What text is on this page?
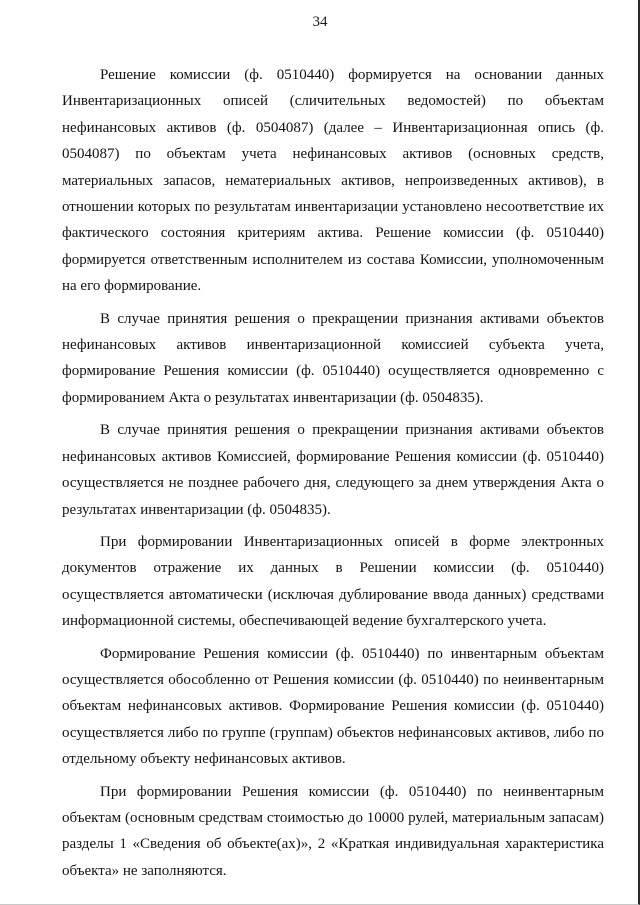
34

Решение комиссии (ф. 0510440) формируется на основании данных Инвентаризационных описей (сличительных ведомостей) по объектам нефинансовых активов (ф. 0504087) (далее – Инвентаризационная опись (ф. 0504087) по объектам учета нефинансовых активов (основных средств, материальных запасов, нематериальных активов, непроизведенных активов), в отношении которых по результатам инвентаризации установлено несоответствие их фактического состояния критериям актива. Решение комиссии (ф. 0510440) формируется ответственным исполнителем из состава Комиссии, уполномоченным на его формирование.

В случае принятия решения о прекращении признания активами объектов нефинансовых активов инвентаризационной комиссией субъекта учета, формирование Решения комиссии (ф. 0510440) осуществляется одновременно с формированием Акта о результатах инвентаризации (ф. 0504835).

В случае принятия решения о прекращении признания активами объектов нефинансовых активов Комиссией, формирование Решения комиссии (ф. 0510440) осуществляется не позднее рабочего дня, следующего за днем утверждения Акта о результатах инвентаризации (ф. 0504835).

При формировании Инвентаризационных описей в форме электронных документов отражение их данных в Решении комиссии (ф. 0510440) осуществляется автоматически (исключая дублирование ввода данных) средствами информационной системы, обеспечивающей ведение бухгалтерского учета.

Формирование Решения комиссии (ф. 0510440) по инвентарным объектам осуществляется обособленно от Решения комиссии (ф. 0510440) по неинвентарным объектам нефинансовых активов. Формирование Решения комиссии (ф. 0510440) осуществляется либо по группе (группам) объектов нефинансовых активов, либо по отдельному объекту нефинансовых активов.

При формировании Решения комиссии (ф. 0510440) по неинвентарным объектам (основным средствам стоимостью до 10000 рулей, материальным запасам) разделы 1 «Сведения об объекте(ах)», 2 «Краткая индивидуальная характеристика объекта» не заполняются.
